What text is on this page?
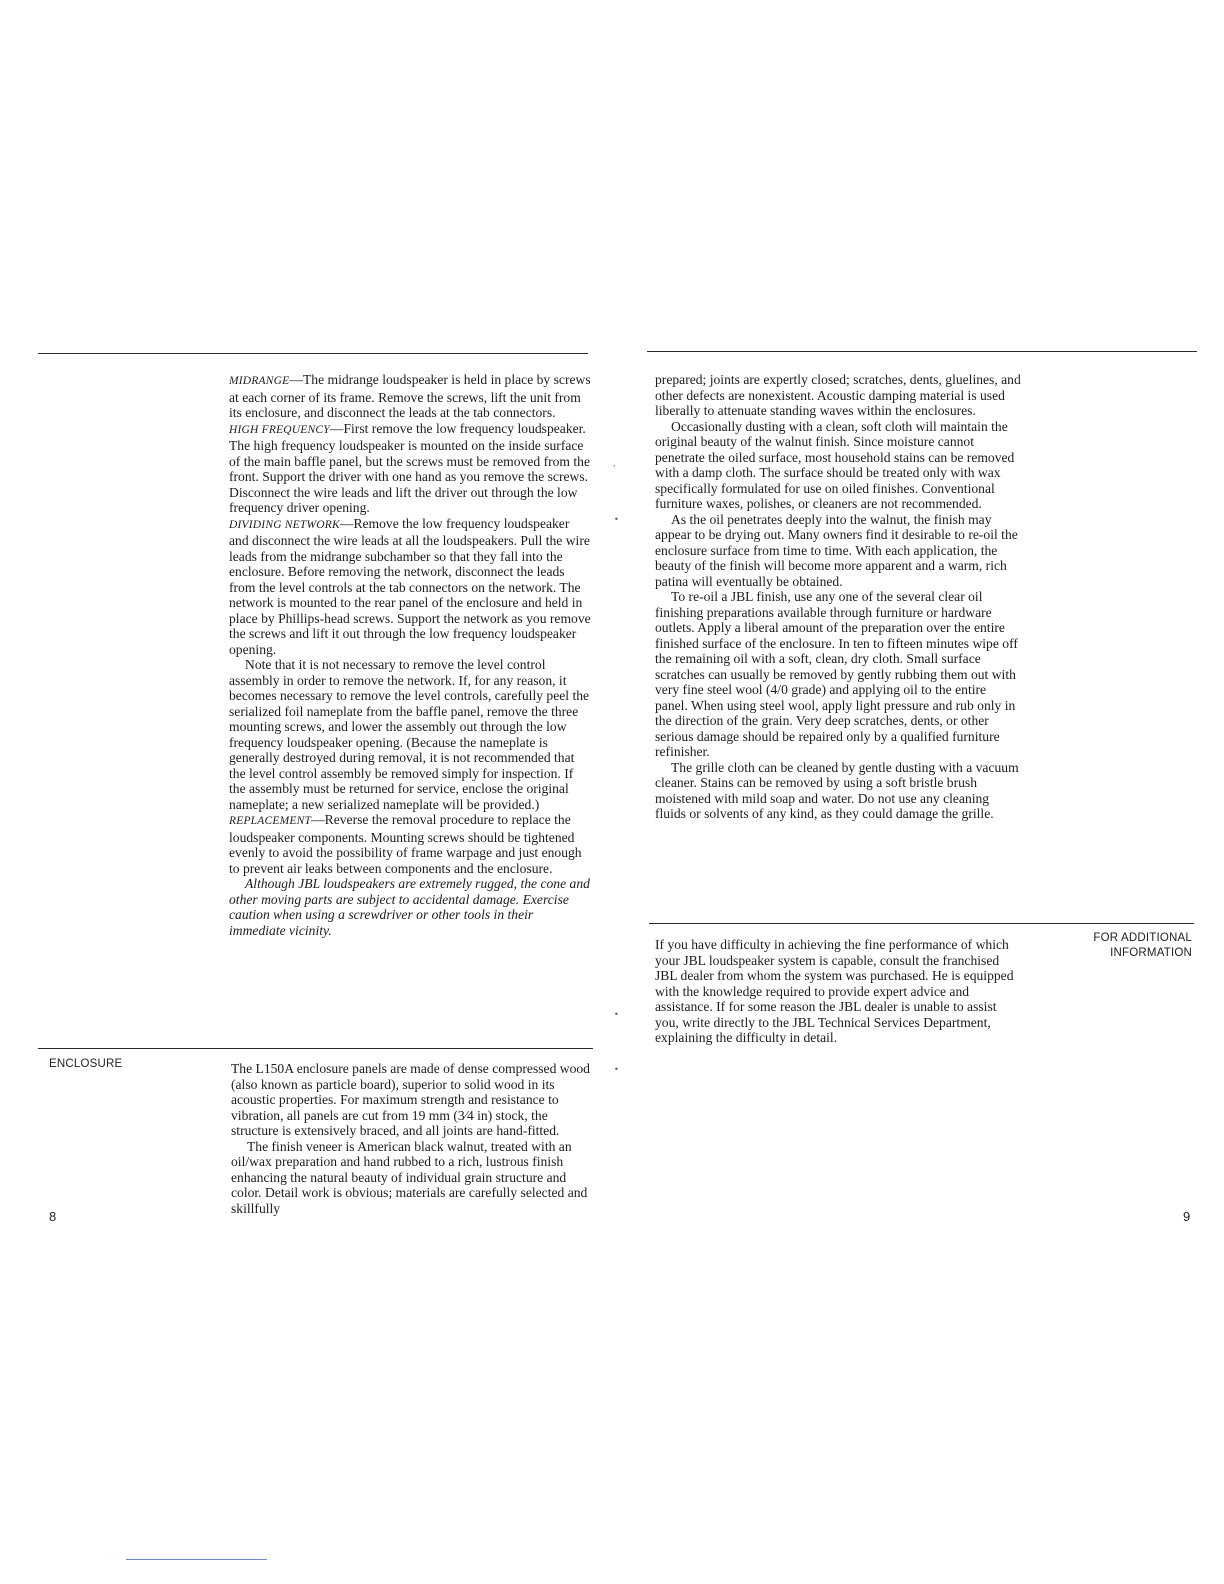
MIDRANGE—The midrange loudspeaker is held in place by screws at each corner of its frame. Remove the screws, lift the unit from its enclosure, and disconnect the leads at the tab connectors.

HIGH FREQUENCY—First remove the low frequency loudspeaker. The high frequency loudspeaker is mounted on the inside surface of the main baffle panel, but the screws must be removed from the front. Support the driver with one hand as you remove the screws. Disconnect the wire leads and lift the driver out through the low frequency driver opening.

DIVIDING NETWORK—Remove the low frequency loudspeaker and disconnect the wire leads at all the loudspeakers. Pull the wire leads from the midrange subchamber so that they fall into the enclosure. Before removing the network, disconnect the leads from the level controls at the tab connectors on the network. The network is mounted to the rear panel of the enclosure and held in place by Phillips-head screws. Support the network as you remove the screws and lift it out through the low frequency loudspeaker opening.

Note that it is not necessary to remove the level control assembly in order to remove the network. If, for any reason, it becomes necessary to remove the level controls, carefully peel the serialized foil nameplate from the baffle panel, remove the three mounting screws, and lower the assembly out through the low frequency loudspeaker opening. (Because the nameplate is generally destroyed during removal, it is not recommended that the level control assembly be removed simply for inspection. If the assembly must be returned for service, enclose the original nameplate; a new serialized nameplate will be provided.)

REPLACEMENT—Reverse the removal procedure to replace the loudspeaker components. Mounting screws should be tightened evenly to avoid the possibility of frame warpage and just enough to prevent air leaks between components and the enclosure.

Although JBL loudspeakers are extremely rugged, the cone and other moving parts are subject to accidental damage. Exercise caution when using a screwdriver or other tools in their immediate vicinity.

ENCLOSURE	The L150A enclosure panels are made of dense compressed wood (also known as particle board), superior to solid wood in its acoustic properties. For maximum strength and resistance to vibration, all panels are cut from 19 mm (3⁄4 in) stock, the structure is extensively braced, and all joints are hand-fitted.

The finish veneer is American black walnut, treated with an oil/wax preparation and hand rubbed to a rich, lustrous finish enhancing the natural beauty of individual grain structure and color. Detail work is obvious; materials are carefully selected and skillfully

8

prepared; joints are expertly closed; scratches, dents, gluelines, and other defects are nonexistent. Acoustic damping material is used liberally to attenuate standing waves within the enclosures.

Occasionally dusting with a clean, soft cloth will maintain the original beauty of the walnut finish. Since moisture cannot penetrate the oiled surface, most household stains can be removed with a damp cloth. The surface should be treated only with wax specifically formulated for use on oiled finishes. Conventional furniture waxes, polishes, or cleaners are not recommended.

As the oil penetrates deeply into the walnut, the finish may appear to be drying out. Many owners find it desirable to re-oil the enclosure surface from time to time. With each application, the beauty of the finish will become more apparent and a warm, rich patina will eventually be obtained.

To re-oil a JBL finish, use any one of the several clear oil finishing preparations available through furniture or hardware outlets. Apply a liberal amount of the preparation over the entire finished surface of the enclosure. In ten to fifteen minutes wipe off the remaining oil with a soft, clean, dry cloth. Small surface scratches can usually be removed by gently rubbing them out with very fine steel wool (4/0 grade) and applying oil to the entire panel. When using steel wool, apply light pressure and rub only in the direction of the grain. Very deep scratches, dents, or other serious damage should be repaired only by a qualified furniture refinisher.

The grille cloth can be cleaned by gentle dusting with a vacuum cleaner. Stains can be removed by using a soft bristle brush moistened with mild soap and water. Do not use any cleaning fluids or solvents of any kind, as they could damage the grille.

If you have difficulty in achieving the fine performance of which your JBL loudspeaker system is capable, consult the franchised JBL dealer from whom the system was purchased. He is equipped with the knowledge required to provide expert advice and assistance. If for some reason the JBL dealer is unable to assist you, write directly to the JBL Technical Services Department, explaining the difficulty in detail.

FOR ADDITIONAL INFORMATION
9
,
•
•
•
